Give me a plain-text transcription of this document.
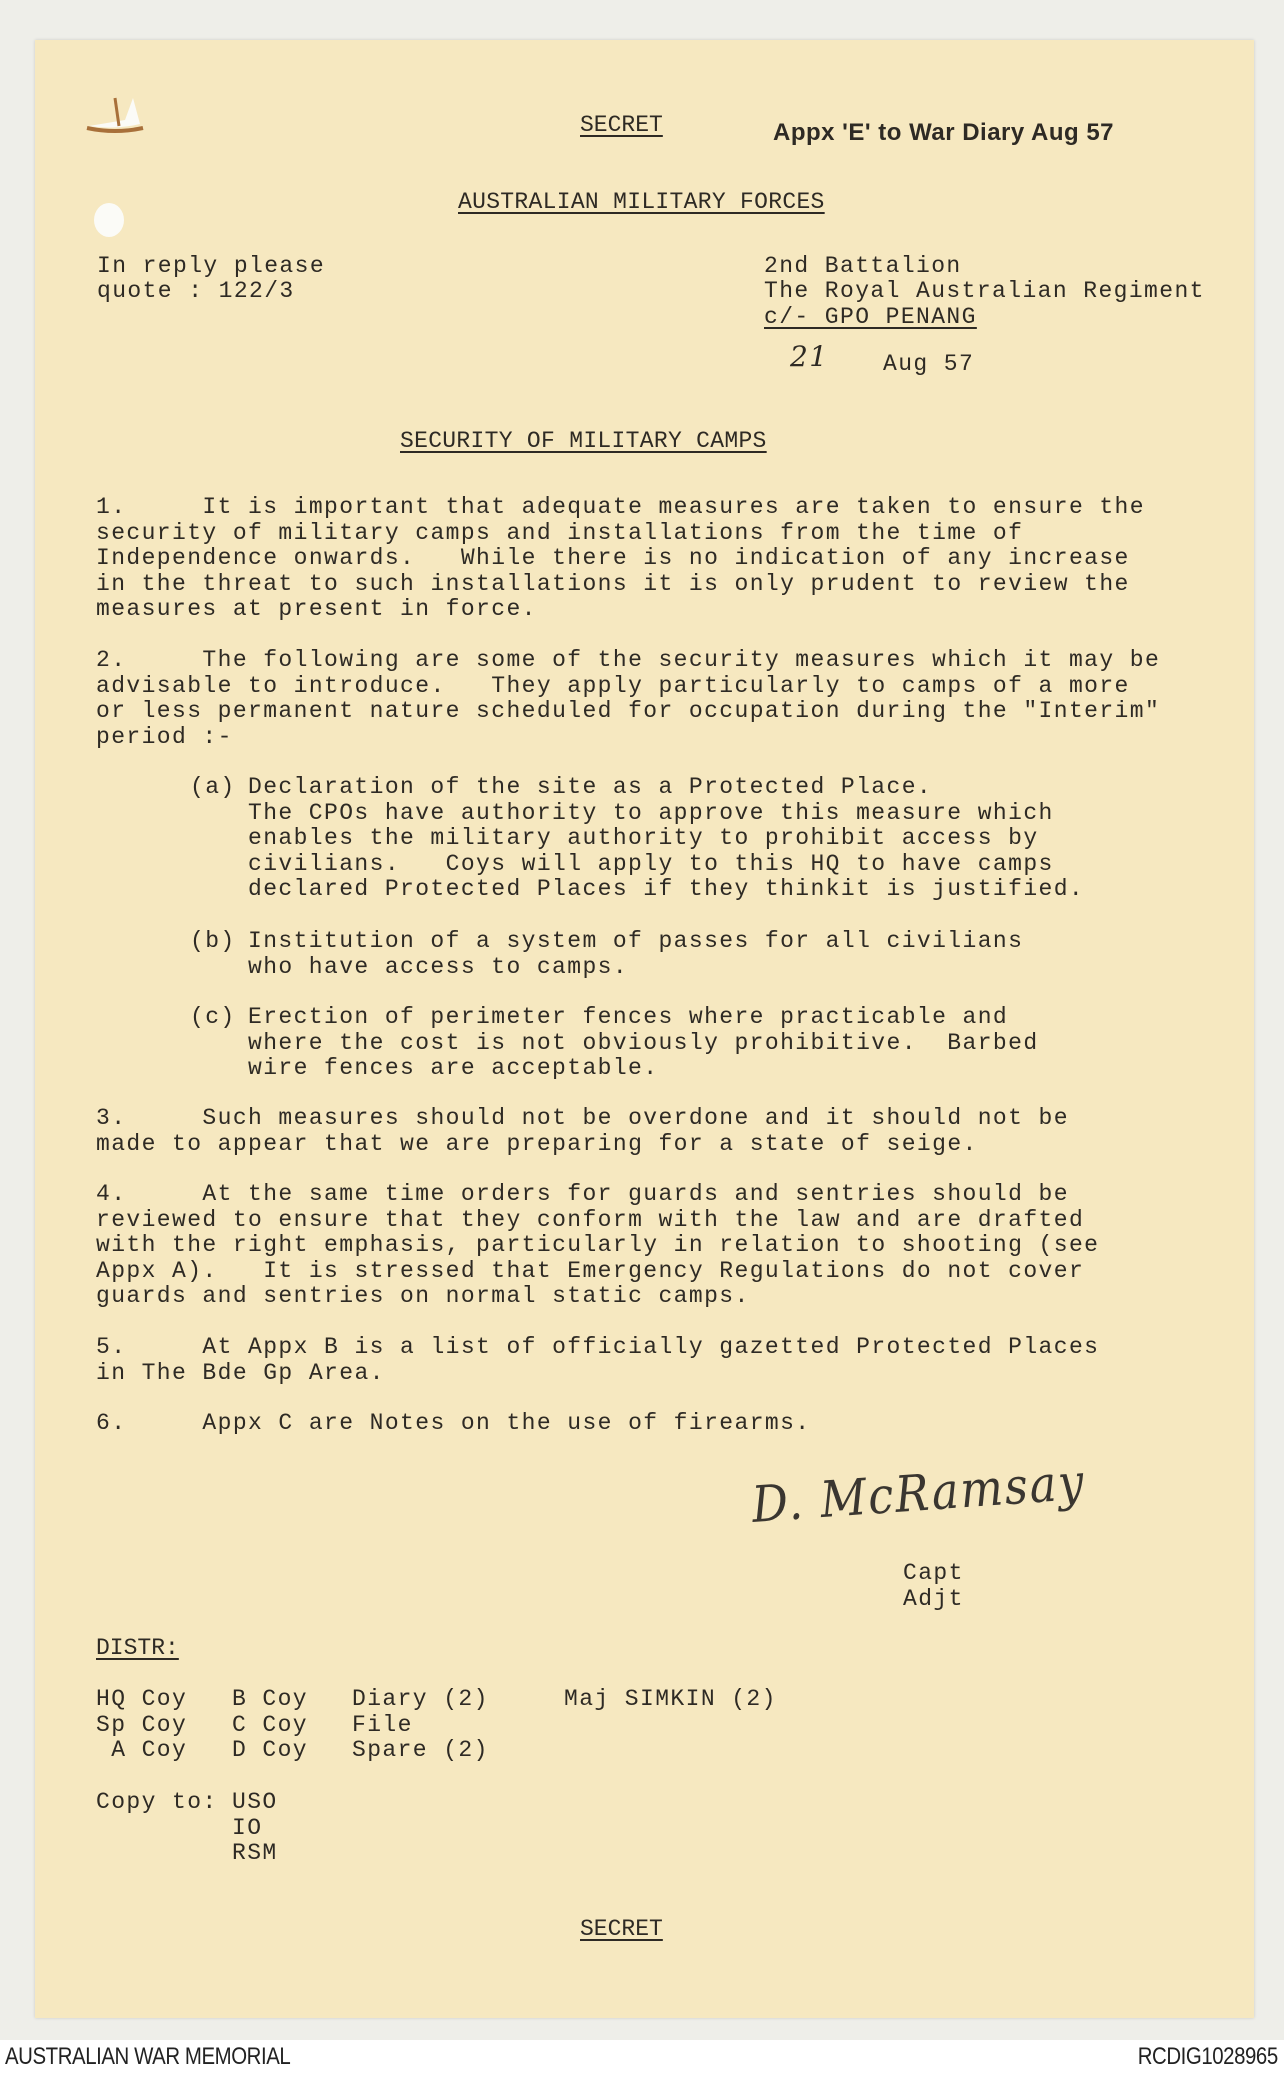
SECRET	Appx 'E' to War Diary Aug 57
AUSTRALIAN MILITARY FORCES
In reply please
quote : 122/3
2nd Battalion
The Royal Australian Regiment
c/- GPO PENANG
21 Aug 57
SECURITY OF MILITARY CAMPS
1.     It is important that adequate measures are taken to ensure the
security of military camps and installations from the time of
Independence onwards.   While there is no indication of any increase
in the threat to such installations it is only prudent to review the
measures at present in force.
2.     The following are some of the security measures which it may be
advisable to introduce.   They apply particularly to camps of a more
or less permanent nature scheduled for occupation during the "Interim"
period :-
(a) Declaration of the site as a Protected Place.
The CPOs have authority to approve this measure which
enables the military authority to prohibit access by
civilians.   Coys will apply to this HQ to have camps
declared Protected Places if they thinkit is justified.
(b) Institution of a system of passes for all civilians
who have access to camps.
(c) Erection of perimeter fences where practicable and
where the cost is not obviously prohibitive.  Barbed
wire fences are acceptable.
3.     Such measures should not be overdone and it should not be
made to appear that we are preparing for a state of seige.
4.     At the same time orders for guards and sentries should be
reviewed to ensure that they conform with the law and are drafted
with the right emphasis, particularly in relation to shooting (see
Appx A).   It is stressed that Emergency Regulations do not cover
guards and sentries on normal static camps.
5.     At Appx B is a list of officially gazetted Protected Places
in The Bde Gp Area.
6.     Appx C are Notes on the use of firearms.
D. McRamsay
Capt
Adjt
DISTR:
HQ Coy
Sp Coy
A Coy
B Coy
C Coy
D Coy
Diary (2)
File
Spare (2)
Maj SIMKIN (2)
Copy to: USO
IO
RSM
SECRET
AUSTRALIAN WAR MEMORIAL	RCDIG1028965
